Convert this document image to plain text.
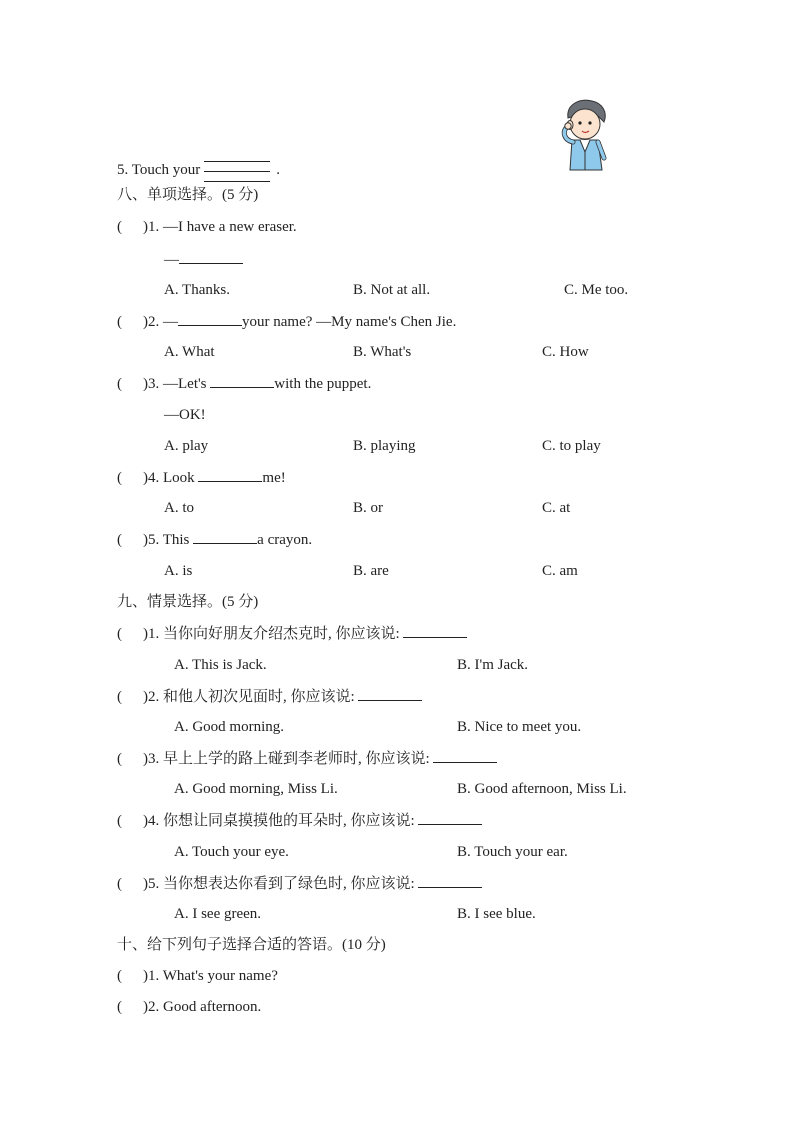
5. Touch your	.
八、单项选择。(5 分)
( )1. —I have a new eraser.
—
A. Thanks.	B. Not at all.	C. Me too.
( )2. —	your name? —My name's Chen Jie.
A. What	B. What's	C. How
( )3. —Let's	with the puppet.
—OK!
A. play	B. playing	C. to play
( )4. Look	me!
A. to	B. or	C. at
( )5. This	a crayon.
A. is	B. are	C. am
九、情景选择。(5 分)
( )1. 当你向好朋友介绍杰克时, 你应该说:
A. This is Jack.	B. I'm Jack.
( )2. 和他人初次见面时, 你应该说:
A. Good morning.	B. Nice to meet you.
( )3. 早上上学的路上碰到李老师时, 你应该说:
A. Good morning, Miss Li.	B. Good afternoon, Miss Li.
( )4. 你想让同桌摸摸他的耳朵时, 你应该说:
A. Touch your eye.	B. Touch your ear.
( )5. 当你想表达你看到了绿色时, 你应该说:
A. I see green.	B. I see blue.
十、给下列句子选择合适的答语。(10 分)
( )1. What's your name?
( )2. Good afternoon.
